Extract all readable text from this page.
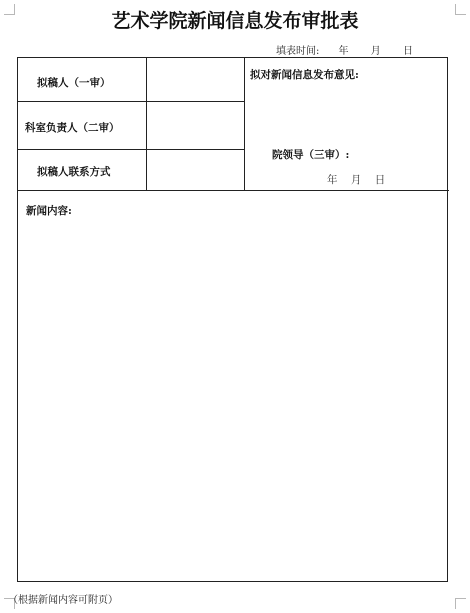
艺术学院新闻信息发布审批表
填表时间:      年       月       日
拟稿人（一审）
科室负责人（二审）
拟稿人联系方式
拟对新闻信息发布意见:
院领导（三审）:
年    月    日
新闻内容:
（根据新闻内容可附页）
